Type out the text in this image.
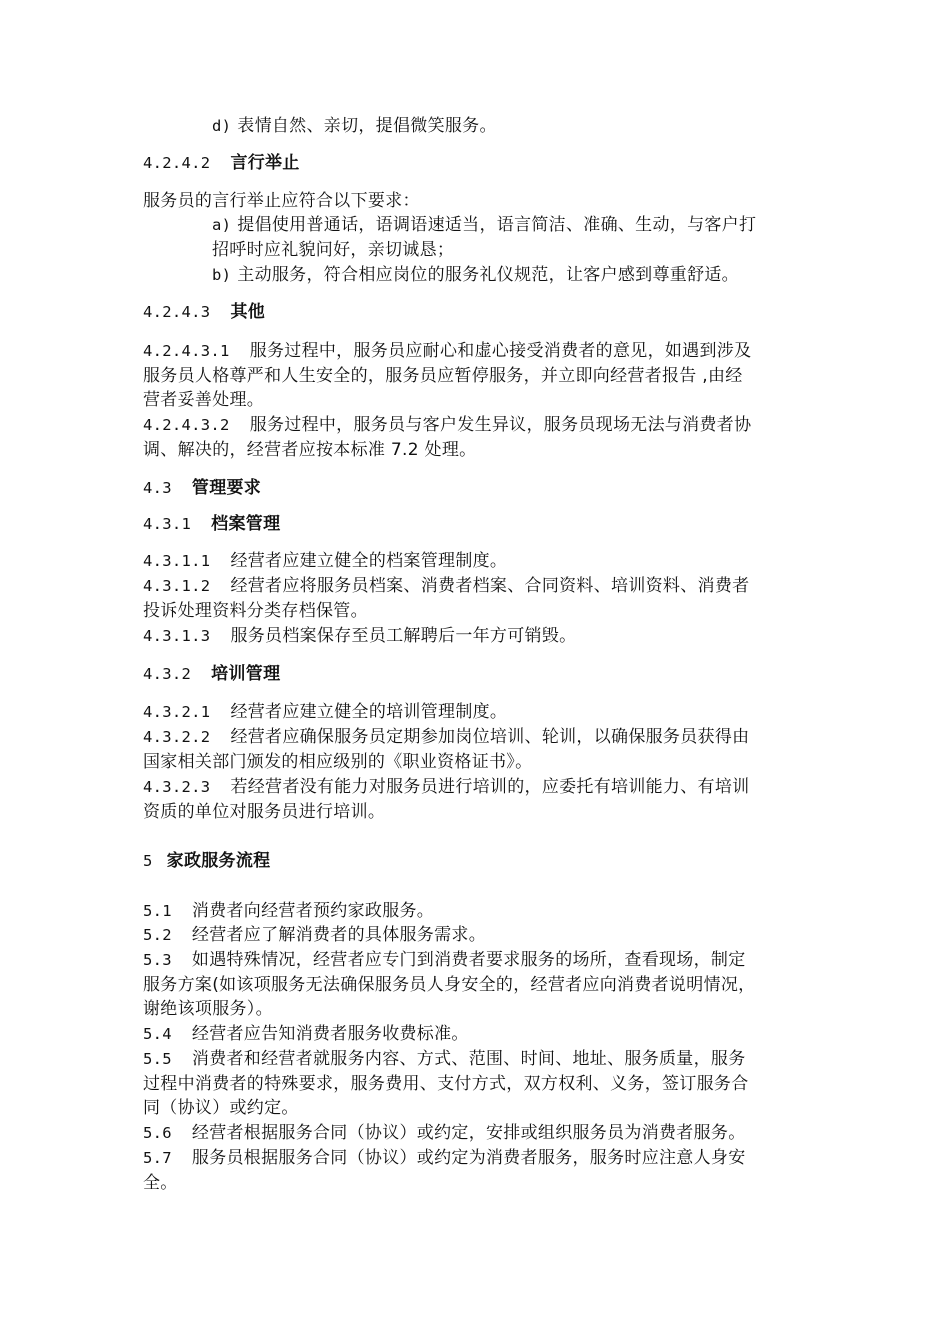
d) 表情自然、亲切，提倡微笑服务。
4.2.4.2 言行举止
服务员的言行举止应符合以下要求：
a) 提倡使用普通话，语调语速适当，语言简洁、准确、生动，与客户打
招呼时应礼貌问好，亲切诚恳；
b) 主动服务，符合相应岗位的服务礼仪规范，让客户感到尊重舒适。
4.2.4.3 其他
4.2.4.3.1 服务过程中，服务员应耐心和虚心接受消费者的意见，如遇到涉及
服务员人格尊严和人生安全的，服务员应暂停服务，并立即向经营者报告 ,由经
营者妥善处理。
4.2.4.3.2 服务过程中，服务员与客户发生异议，服务员现场无法与消费者协
调、解决的，经营者应按本标准 7.2 处理。
4.3 管理要求
4.3.1 档案管理
4.3.1.1 经营者应建立健全的档案管理制度。
4.3.1.2 经营者应将服务员档案、消费者档案、合同资料、培训资料、消费者
投诉处理资料分类存档保管。
4.3.1.3 服务员档案保存至员工解聘后一年方可销毁。
4.3.2 培训管理
4.3.2.1 经营者应建立健全的培训管理制度。
4.3.2.2 经营者应确保服务员定期参加岗位培训、轮训，以确保服务员获得由
国家相关部门颁发的相应级别的《职业资格证书》。
4.3.2.3 若经营者没有能力对服务员进行培训的，应委托有培训能力、有培训
资质的单位对服务员进行培训。
5 家政服务流程
5.1 消费者向经营者预约家政服务。
5.2 经营者应了解消费者的具体服务需求。
5.3 如遇特殊情况，经营者应专门到消费者要求服务的场所，查看现场，制定
服务方案(如该项服务无法确保服务员人身安全的，经营者应向消费者说明情况，
谢绝该项服务）。
5.4 经营者应告知消费者服务收费标准。
5.5 消费者和经营者就服务内容、方式、范围、时间、地址、服务质量，服务
过程中消费者的特殊要求，服务费用、支付方式，双方权利、义务，签订服务合
同（协议）或约定。
5.6 经营者根据服务合同（协议）或约定，安排或组织服务员为消费者服务。
5.7 服务员根据服务合同（协议）或约定为消费者服务，服务时应注意人身安
全。
